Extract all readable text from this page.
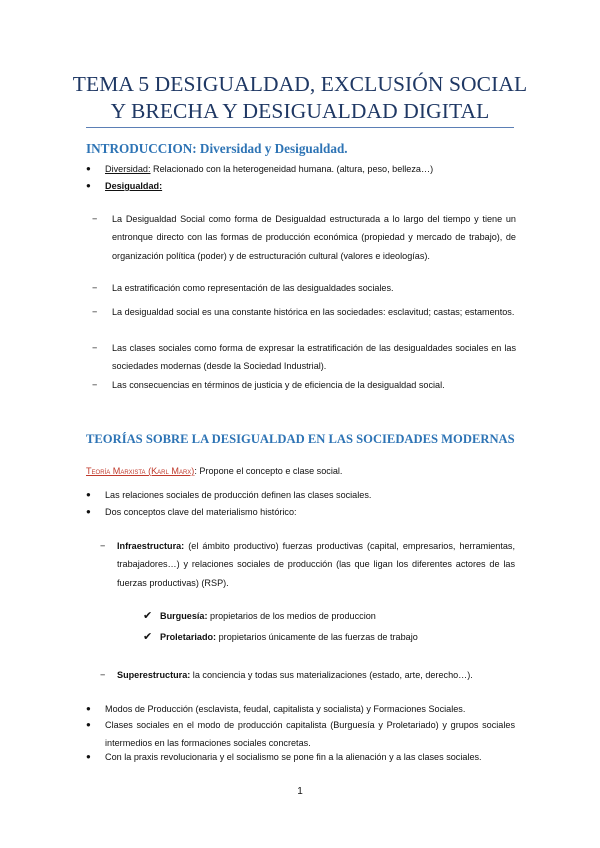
TEMA 5 DESIGUALDAD, EXCLUSIÓN SOCIAL
Y BRECHA Y DESIGUALDAD DIGITAL
INTRODUCCION: Diversidad y Desigualdad.
● Diversidad: Relacionado con la heterogeneidad humana. (altura, peso, belleza…)
● Desigualdad:
− La Desigualdad Social como forma de Desigualdad estructurada a lo largo del tiempo y tiene un entronque directo con las formas de producción económica (propiedad y mercado de trabajo), de organización política (poder) y de estructuración cultural (valores e ideologías).
− La estratificación como representación de las desigualdades sociales.
− La desigualdad social es una constante histórica en las sociedades: esclavitud; castas; estamentos.
− Las clases sociales como forma de expresar la estratificación de las desigualdades sociales en las sociedades modernas (desde la Sociedad Industrial).
− Las consecuencias en términos de justicia y de eficiencia de la desigualdad social.
TEORÍAS SOBRE LA DESIGUALDAD EN LAS SOCIEDADES MODERNAS
Teoría Marxista (Karl Marx): Propone el concepto e clase social.
● Las relaciones sociales de producción definen las clases sociales.
● Dos conceptos clave del materialismo histórico:
− Infraestructura: (el ámbito productivo) fuerzas productivas (capital, empresarios, herramientas, trabajadores…) y relaciones sociales de producción (las que ligan los diferentes actores de las fuerzas productivas) (RSP).
✔ Burguesía: propietarios de los medios de produccion
✔ Proletariado: propietarios únicamente de las fuerzas de trabajo
− Superestructura: la conciencia y todas sus materializaciones (estado, arte, derecho…).
● Modos de Producción (esclavista, feudal, capitalista y socialista) y Formaciones Sociales.
● Clases sociales en el modo de producción capitalista (Burguesía y Proletariado) y grupos sociales intermedios en las formaciones sociales concretas.
● Con la praxis revolucionaria y el socialismo se pone fin a la alienación y a las clases sociales.
1
